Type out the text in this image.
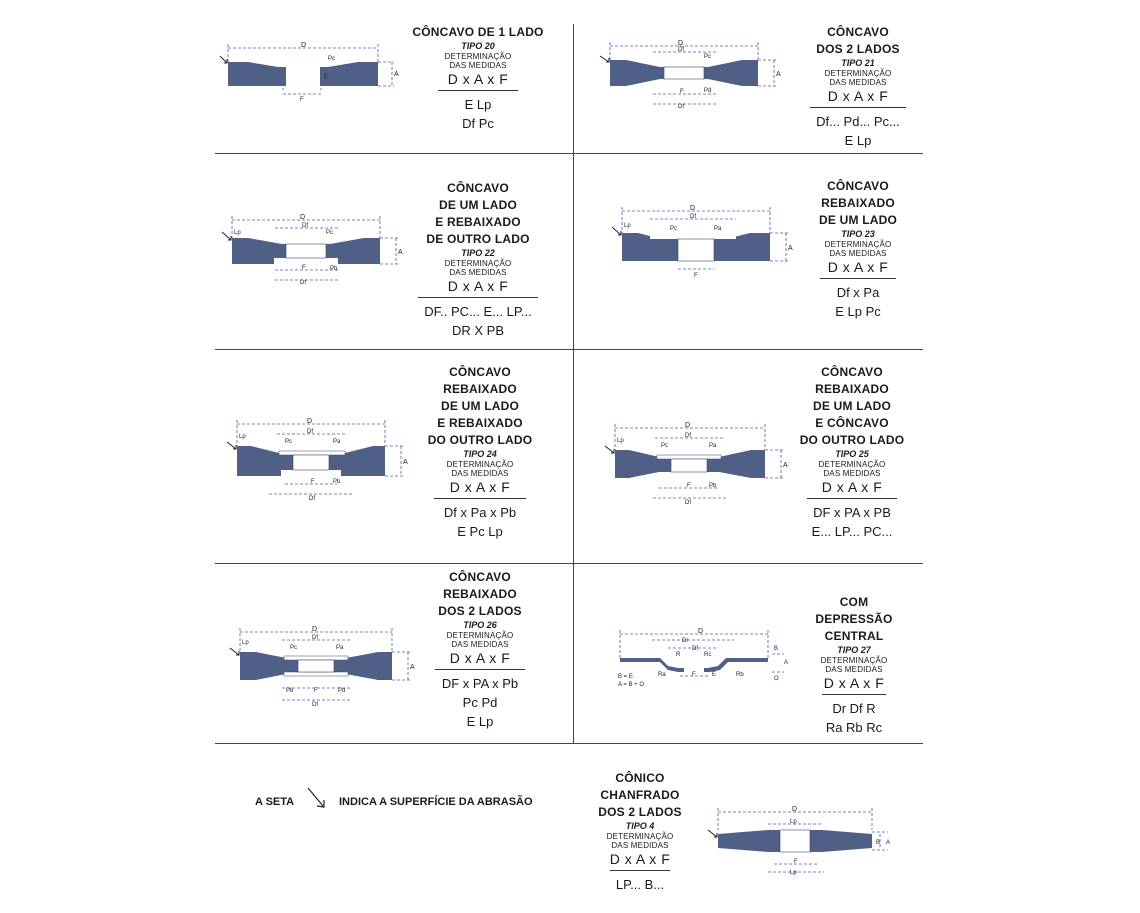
D
Pc
E
F
A
CÔNCAVO DE 1 LADO
TIPO 20
DETERMINAÇÃO
DAS MEDIDAS
D x A x F
E Lp
Df Pc
D
Df
Pc
Pd
F
Df
A
CÔNCAVO
DOS 2 LADOS
TIPO 21
DETERMINAÇÃO
DAS MEDIDAS
D x A x F
Df... Pd... Pc...
E Lp
D
Df
Pc
Lp
Pb
F
Df
A
CÔNCAVO
DE UM LADO
E REBAIXADO
DE OUTRO LADO
TIPO 22
DETERMINAÇÃO
DAS MEDIDAS
D x A x F
DF.. PC... E... LP...
DR X PB
D
Df
Pc	Pa
Lp
F
A
CÔNCAVO
REBAIXADO
DE UM LADO
TIPO 23
DETERMINAÇÃO
DAS MEDIDAS
D x A x F
Df x Pa
E Lp Pc
D
Df
Pc	Pa
Lp
F	Pb
Df
A
CÔNCAVO
REBAIXADO
DE UM LADO
E REBAIXADO
DO OUTRO LADO
TIPO 24
DETERMINAÇÃO
DAS MEDIDAS
D x A x F
Df x Pa x Pb
E Pc Lp
D
Df
Pc	Pa
Lp
F	Pb
Df
A
CÔNCAVO
REBAIXADO
DE UM LADO
E CÔNCAVO
DO OUTRO LADO
TIPO 25
DETERMINAÇÃO
DAS MEDIDAS
D x A x F
DF x PA x PB
E... LP... PC...
D
Df
Pc	Pa
Lp
Pb	F	Pd
Df
A
CÔNCAVO
REBAIXADO
DOS 2 LADOS
TIPO 26
DETERMINAÇÃO
DAS MEDIDAS
D x A x F
DF x PA x Pb
Pc Pd
E Lp
B = E
A = B + O
D
Dr
Df
R	Rc
Ra	F	E	Rb
B
A
O
COM
DEPRESSÃO
CENTRAL
TIPO 27
DETERMINAÇÃO
DAS MEDIDAS
D x A x F
Dr Df R
Ra Rb Rc
A SETA	INDICA A SUPERFÍCIE DA ABRASÃO
CÔNICO
CHANFRADO
DOS 2 LADOS
TIPO 4
DETERMINAÇÃO
DAS MEDIDAS
D x A x F
LP... B...
D
Lp
F
Lp
B A
